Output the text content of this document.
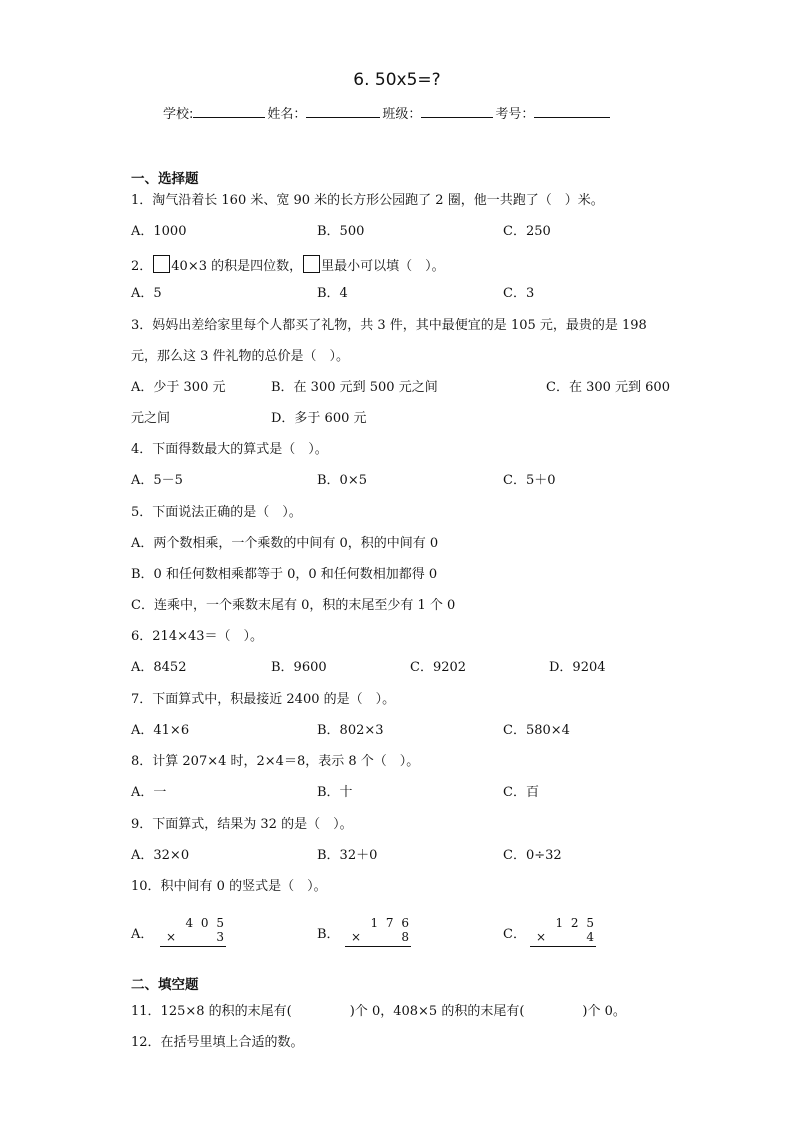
6. 50x5=?
学校:	姓名：	班级：	考号：
一、选择题
1．淘气沿着长 160 米、宽 90 米的长方形公园跑了 2 圈，他一共跑了（　）米。
A．1000	B．500	C．250
2． 40×3 的积是四位数， 里最小可以填（　）。
A．5	B．4	C．3
3．妈妈出差给家里每个人都买了礼物，共 3 件，其中最便宜的是 105 元，最贵的是 198
元，那么这 3 件礼物的总价是（　）。
A．少于 300 元	B．在 300 元到 500 元之间	C．在 300 元到 600
元之间	D．多于 600 元
4．下面得数最大的算式是（　）。
A．5－5	B．0×5	C．5＋0
5．下面说法正确的是（　）。
A．两个数相乘，一个乘数的中间有 0，积的中间有 0
B．0 和任何数相乘都等于 0，0 和任何数相加都得 0
C．连乘中，一个乘数末尾有 0，积的末尾至少有 1 个 0
6．214×43＝（　）。
A．8452	B．9600	C．9202	D．9204
7．下面算式中，积最接近 2400 的是（　）。
A．41×6	B．802×3	C．580×4
8．计算 207×4 时，2×4＝8，表示 8 个（　）。
A．一	B．十	C．百
9．下面算式，结果为 32 的是（　）。
A．32×0	B．32＋0	C．0÷32
10．积中间有 0 的竖式是（　）。
A．
4 0 5
×	3	B．
1 7 6
×	8	C．
1 2 5
×	4
二、填空题
11．125×8 的积的末尾有(	)个 0，408×5 的积的末尾有(	)个 0。
12．在括号里填上合适的数。
